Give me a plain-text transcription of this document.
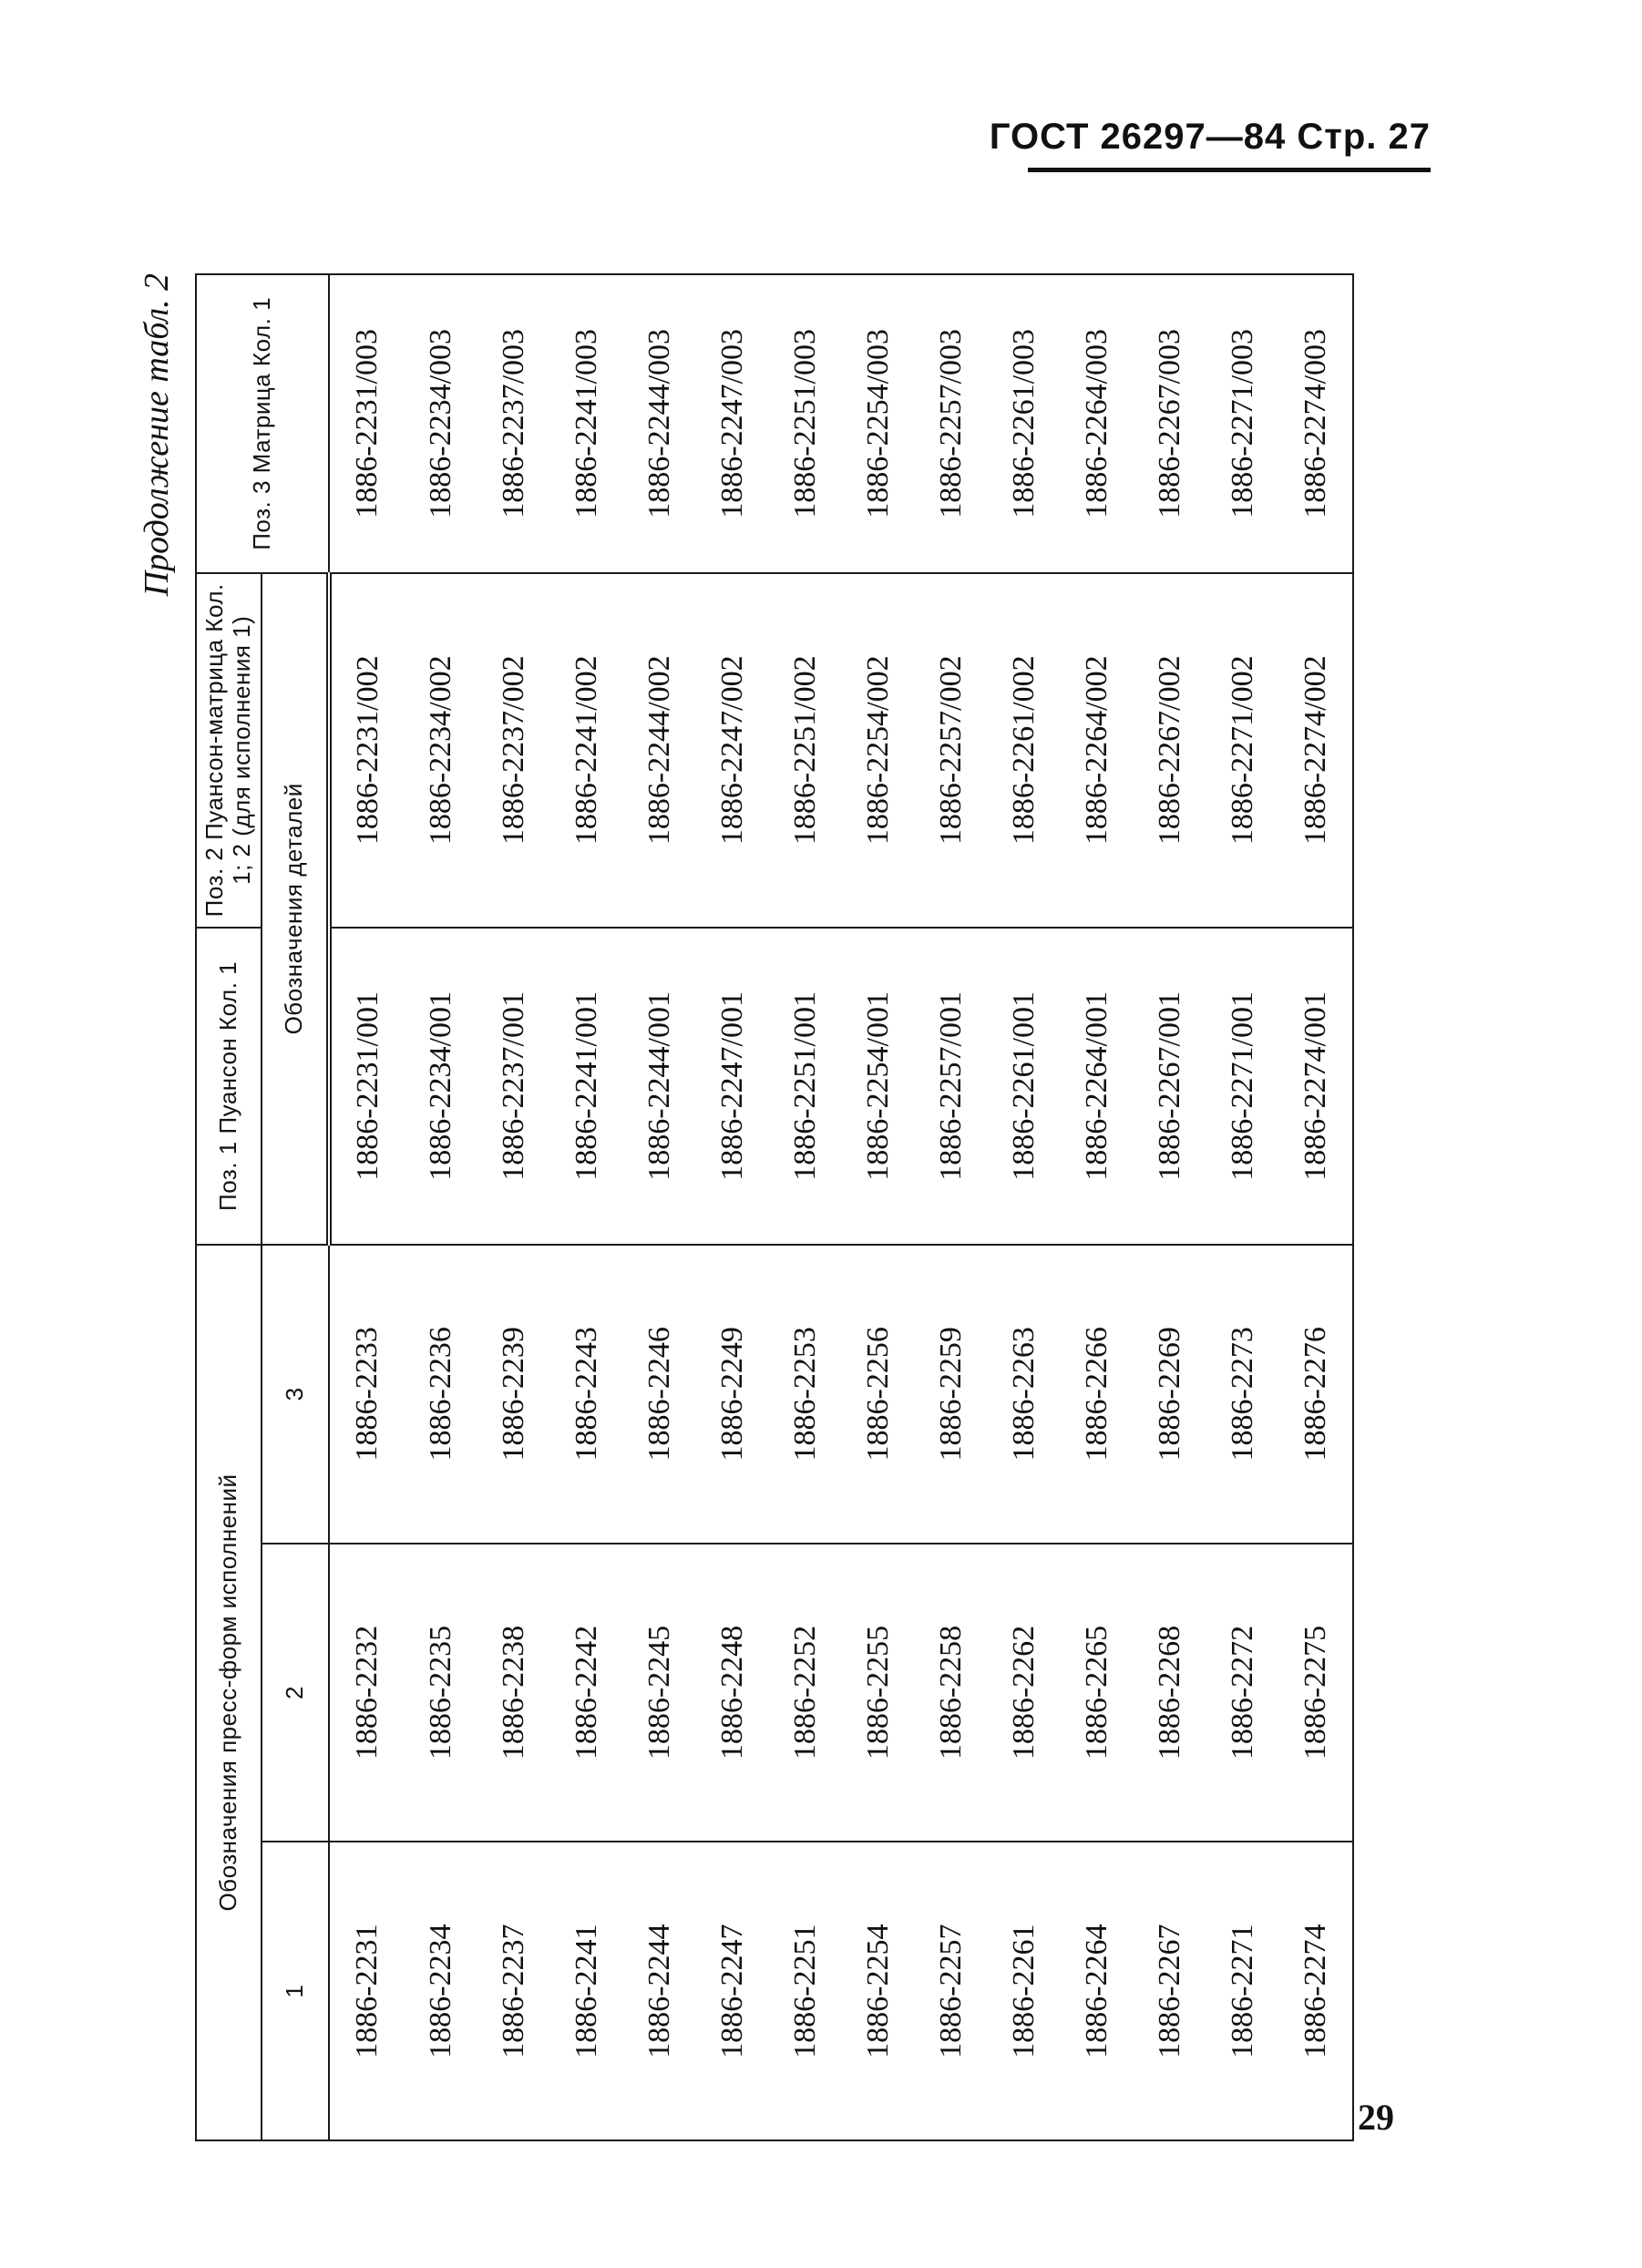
ГОСТ 26297—84 Стр. 27
Продолжение табл. 2
Обозначения пресс-форм исполнений			Поз. 1 Пуансон Кол. 1	Поз. 2 Пуансон-матрица Кол. 1; 2 (для исполнения 1)	Поз. 3 Матрица Кол. 1
1	2	3			
			Обозначения деталей		
1886-2231	1886-2232	1886-2233	1886-2231/001	1886-2231/002	1886-2231/003
1886-2234	1886-2235	1886-2236	1886-2234/001	1886-2234/002	1886-2234/003
1886-2237	1886-2238	1886-2239	1886-2237/001	1886-2237/002	1886-2237/003
1886-2241	1886-2242	1886-2243	1886-2241/001	1886-2241/002	1886-2241/003
1886-2244	1886-2245	1886-2246	1886-2244/001	1886-2244/002	1886-2244/003
1886-2247	1886-2248	1886-2249	1886-2247/001	1886-2247/002	1886-2247/003
1886-2251	1886-2252	1886-2253	1886-2251/001	1886-2251/002	1886-2251/003
1886-2254	1886-2255	1886-2256	1886-2254/001	1886-2254/002	1886-2254/003
1886-2257	1886-2258	1886-2259	1886-2257/001	1886-2257/002	1886-2257/003
1886-2261	1886-2262	1886-2263	1886-2261/001	1886-2261/002	1886-2261/003
1886-2264	1886-2265	1886-2266	1886-2264/001	1886-2264/002	1886-2264/003
1886-2267	1886-2268	1886-2269	1886-2267/001	1886-2267/002	1886-2267/003
1886-2271	1886-2272	1886-2273	1886-2271/001	1886-2271/002	1886-2271/003
1886-2274	1886-2275	1886-2276	1886-2274/001	1886-2274/002	1886-2274/003
29
